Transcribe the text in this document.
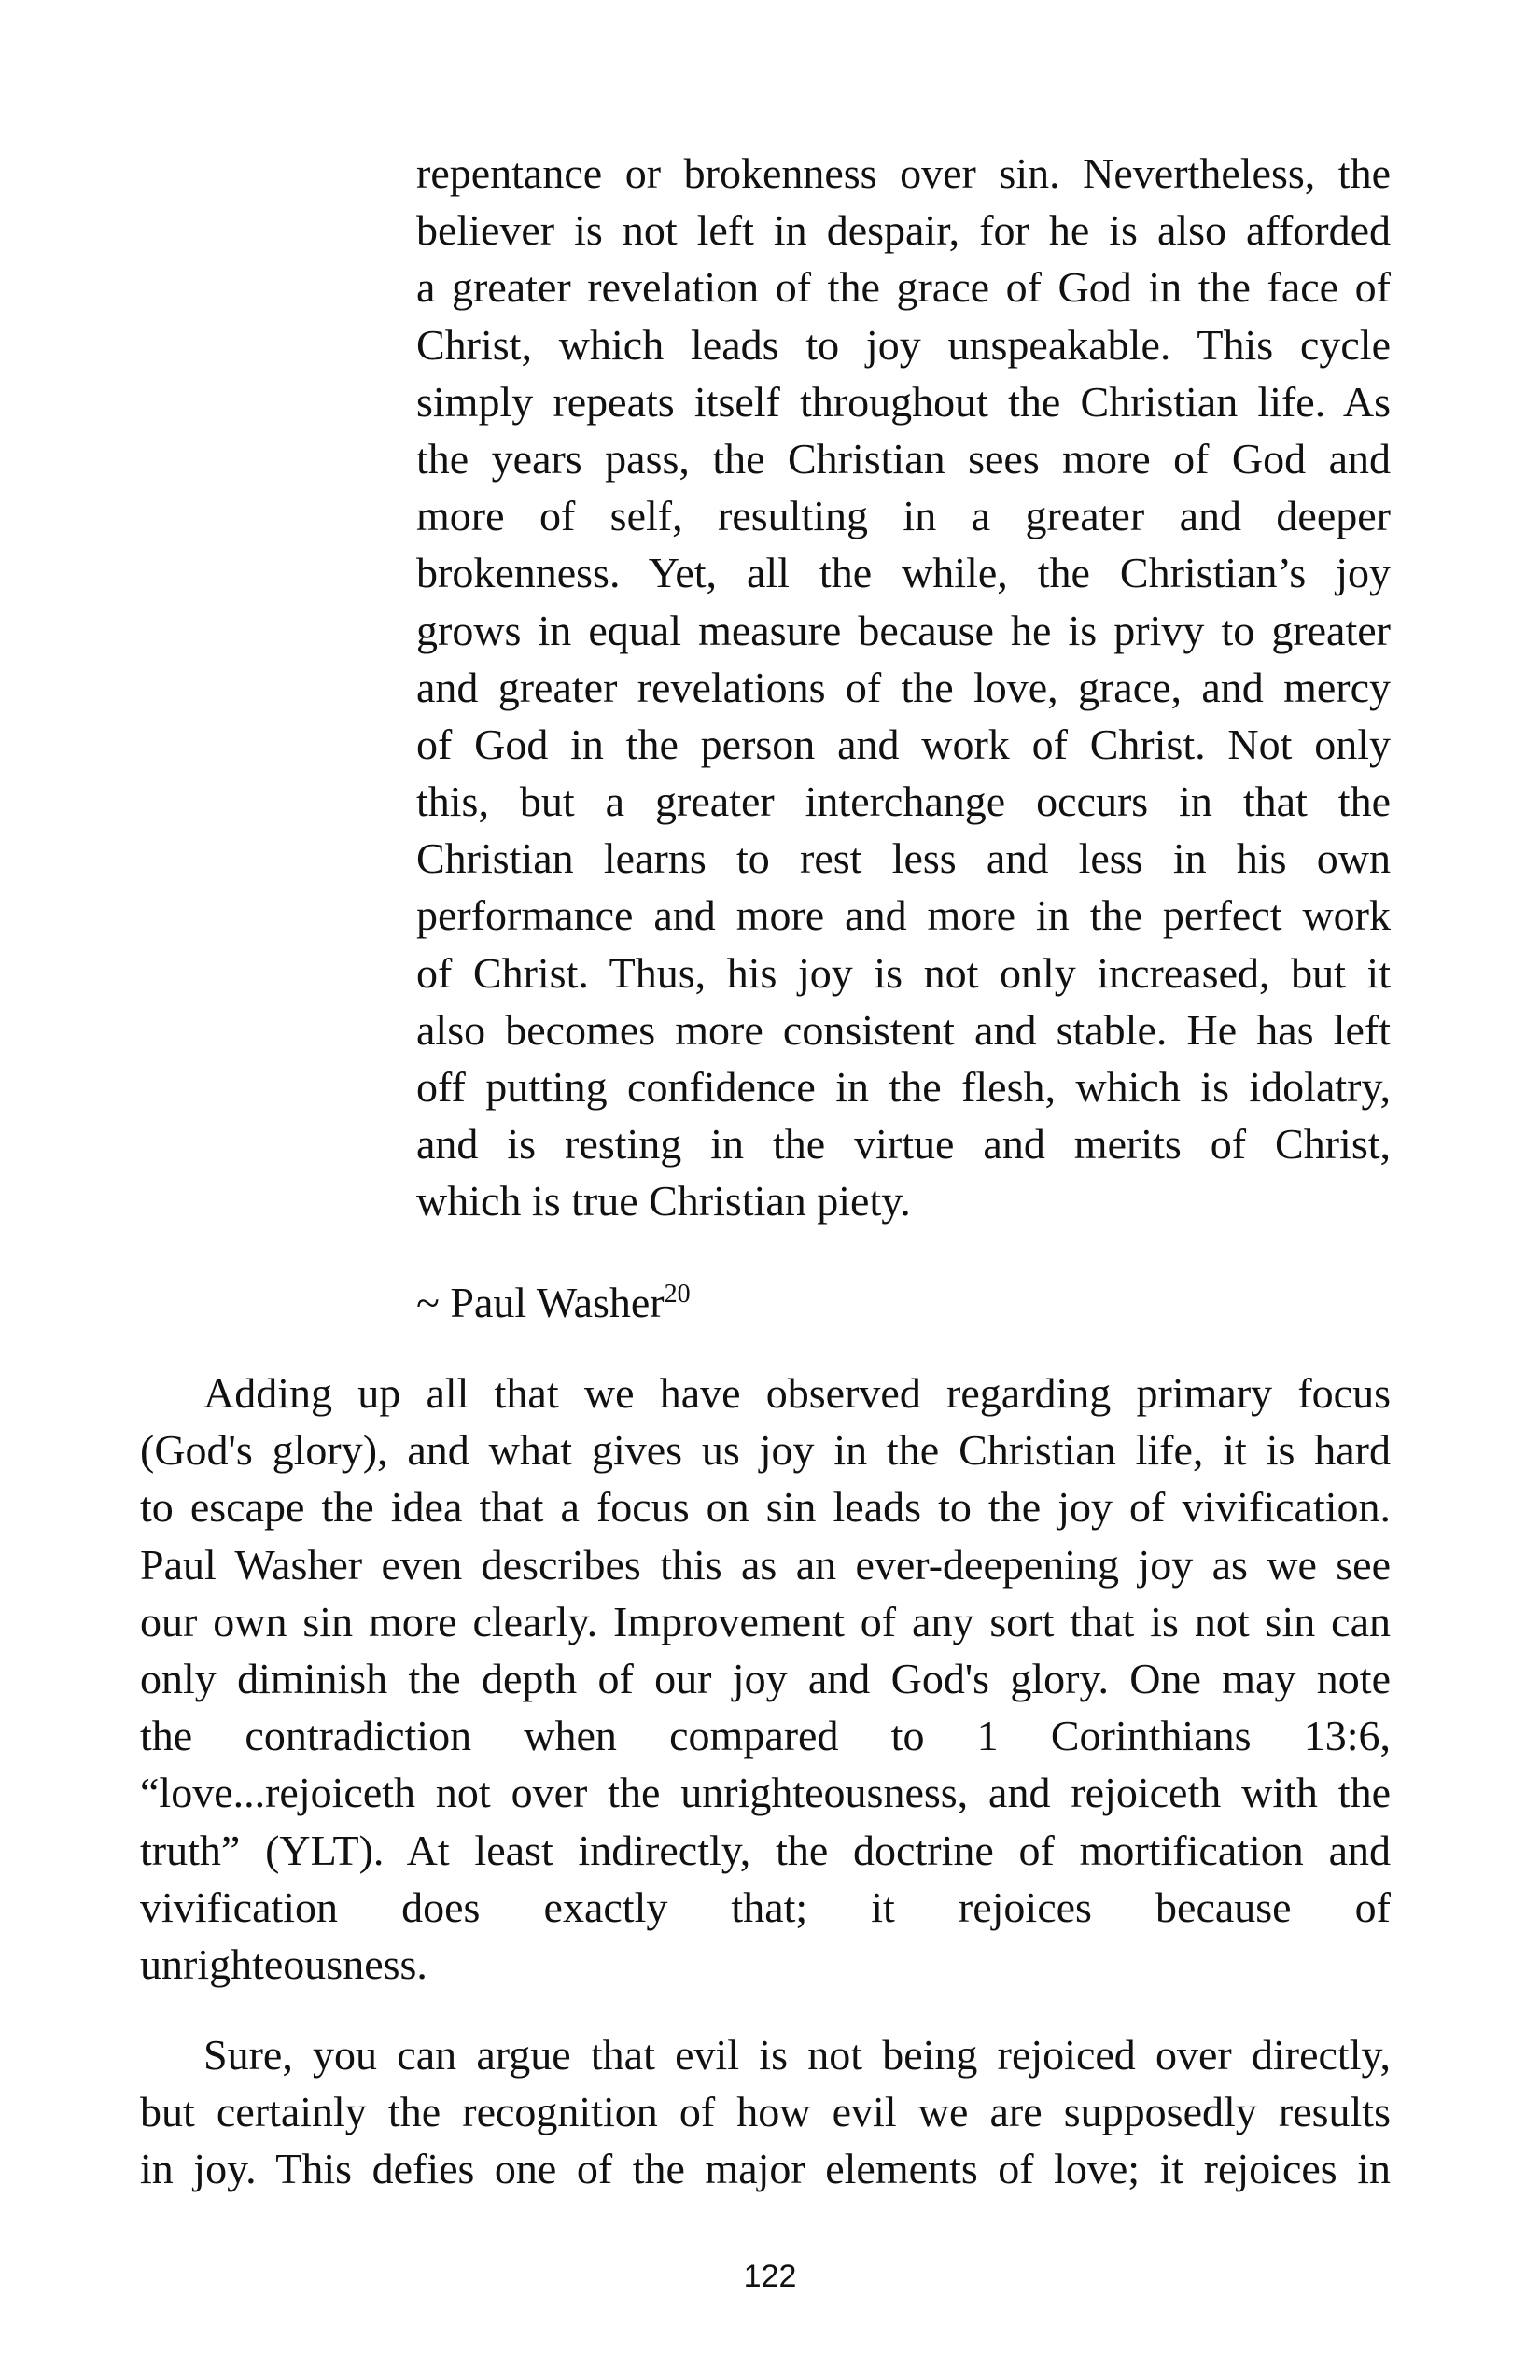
repentance or brokenness over sin. Nevertheless, the
believer is not left in despair, for he is also afforded
a greater revelation of the grace of God in the face of
Christ, which leads to joy unspeakable. This cycle
simply repeats itself throughout the Christian life. As
the years pass, the Christian sees more of God and
more of self, resulting in a greater and deeper
brokenness. Yet, all the while, the Christian’s joy
grows in equal measure because he is privy to greater
and greater revelations of the love, grace, and mercy
of God in the person and work of Christ. Not only
this, but a greater interchange occurs in that the
Christian learns to rest less and less in his own
performance and more and more in the perfect work
of Christ. Thus, his joy is not only increased, but it
also becomes more consistent and stable. He has left
off putting confidence in the flesh, which is idolatry,
and is resting in the virtue and merits of Christ,
which is true Christian piety.
~ Paul Washer$^{20}$
Adding up all that we have observed regarding primary focus
(God's glory), and what gives us joy in the Christian life, it is hard
to escape the idea that a focus on sin leads to the joy of vivification.
Paul Washer even describes this as an ever-deepening joy as we see
our own sin more clearly. Improvement of any sort that is not sin can
only diminish the depth of our joy and God's glory. One may note
the contradiction when compared to 1 Corinthians 13:6,
“love...rejoiceth not over the unrighteousness, and rejoiceth with the
truth” (YLT). At least indirectly, the doctrine of mortification and
vivification does exactly that; it rejoices because of
unrighteousness.
Sure, you can argue that evil is not being rejoiced over directly,
but certainly the recognition of how evil we are supposedly results
in joy. This defies one of the major elements of love; it rejoices in
122
